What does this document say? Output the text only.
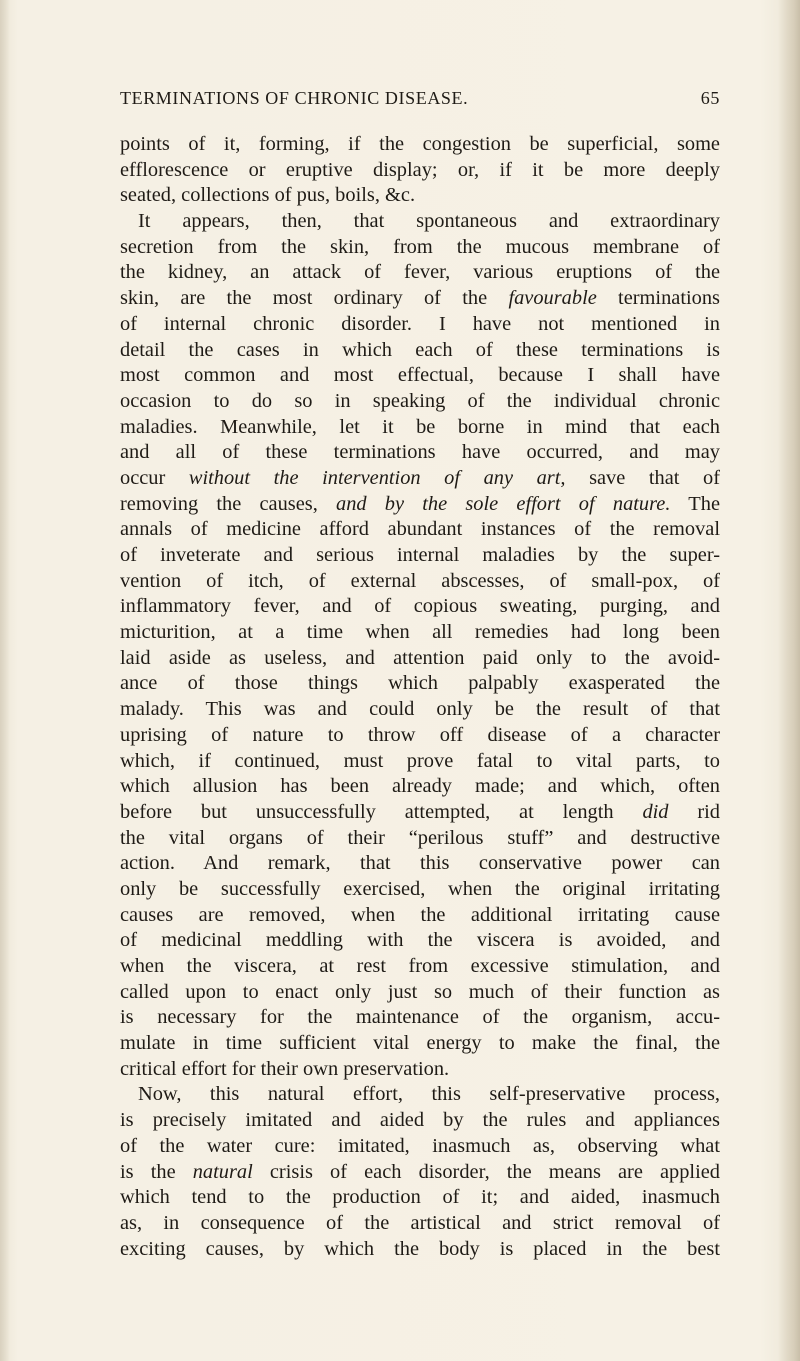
TERMINATIONS OF CHRONIC DISEASE.	65
points of it, forming, if the congestion be superficial, some
efflorescence or eruptive display; or, if it be more deeply
seated, collections of pus, boils, &c.
It appears, then, that spontaneous and extraordinary
secretion from the skin, from the mucous membrane of
the kidney, an attack of fever, various eruptions of the
skin, are the most ordinary of the favourable terminations
of internal chronic disorder. I have not mentioned in
detail the cases in which each of these terminations is
most common and most effectual, because I shall have
occasion to do so in speaking of the individual chronic
maladies. Meanwhile, let it be borne in mind that each
and all of these terminations have occurred, and may
occur without the intervention of any art, save that of
removing the causes, and by the sole effort of nature. The
annals of medicine afford abundant instances of the removal
of inveterate and serious internal maladies by the super-
vention of itch, of external abscesses, of small-pox, of
inflammatory fever, and of copious sweating, purging, and
micturition, at a time when all remedies had long been
laid aside as useless, and attention paid only to the avoid-
ance of those things which palpably exasperated the
malady. This was and could only be the result of that
uprising of nature to throw off disease of a character
which, if continued, must prove fatal to vital parts, to
which allusion has been already made; and which, often
before but unsuccessfully attempted, at length did rid
the vital organs of their “perilous stuff” and destructive
action. And remark, that this conservative power can
only be successfully exercised, when the original irritating
causes are removed, when the additional irritating cause
of medicinal meddling with the viscera is avoided, and
when the viscera, at rest from excessive stimulation, and
called upon to enact only just so much of their function as
is necessary for the maintenance of the organism, accu-
mulate in time sufficient vital energy to make the final, the
critical effort for their own preservation.
Now, this natural effort, this self-preservative process,
is precisely imitated and aided by the rules and appliances
of the water cure: imitated, inasmuch as, observing what
is the natural crisis of each disorder, the means are applied
which tend to the production of it; and aided, inasmuch
as, in consequence of the artistical and strict removal of
exciting causes, by which the body is placed in the best
